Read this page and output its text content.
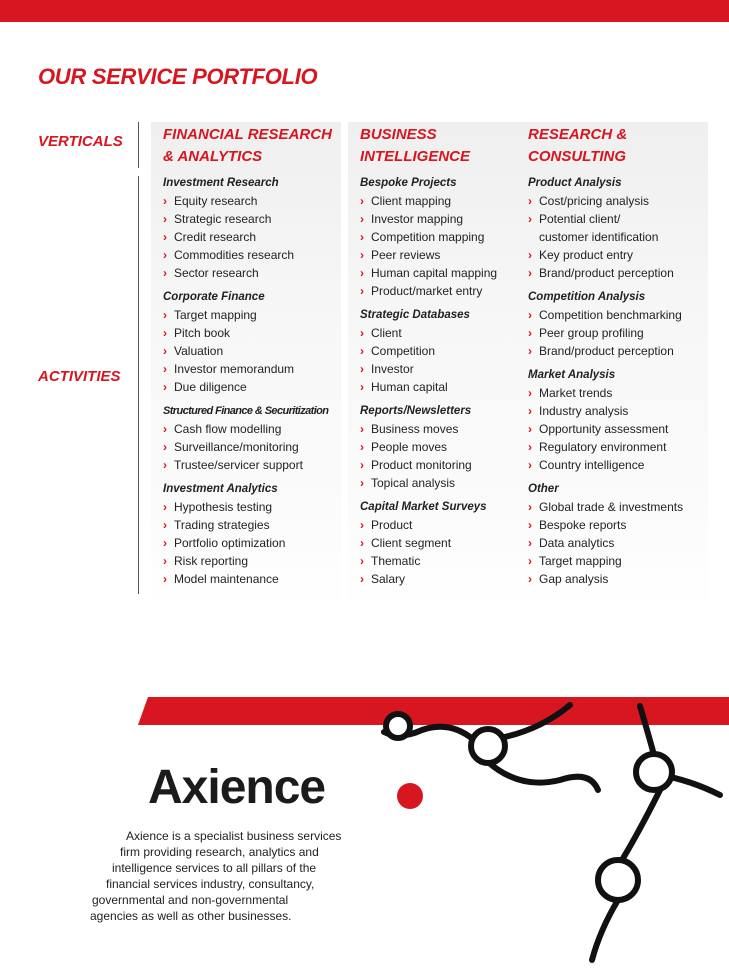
OUR SERVICE PORTFOLIO
VERTICALS
ACTIVITIES
FINANCIAL RESEARCH
& ANALYTICS
Investment Research
› Equity research
› Strategic research
› Credit research
› Commodities research
› Sector research
Corporate Finance
› Target mapping
› Pitch book
› Valuation
› Investor memorandum
› Due diligence
Structured Finance & Securitization
› Cash flow modelling
› Surveillance/monitoring
› Trustee/servicer support
Investment Analytics
› Hypothesis testing
› Trading strategies
› Portfolio optimization
› Risk reporting
› Model maintenance
BUSINESS
INTELLIGENCE
Bespoke Projects
› Client mapping
› Investor mapping
› Competition mapping
› Peer reviews
› Human capital mapping
› Product/market entry
Strategic Databases
› Client
› Competition
› Investor
› Human capital
Reports/Newsletters
› Business moves
› People moves
› Product monitoring
› Topical analysis
Capital Market Surveys
› Product
› Client segment
› Thematic
› Salary
RESEARCH &
CONSULTING
Product Analysis
› Cost/pricing analysis
› Potential client/
customer identification
› Key product entry
› Brand/product perception
Competition Analysis
› Competition benchmarking
› Peer group profiling
› Brand/product perception
Market Analysis
› Market trends
› Industry analysis
› Opportunity assessment
› Regulatory environment
› Country intelligence
Other
› Global trade & investments
› Bespoke reports
› Data analytics
› Target mapping
› Gap analysis
Axience
Axience is a specialist business services
firm providing research, analytics and
intelligence services to all pillars of the
financial services industry, consultancy,
governmental and non-governmental
agencies as well as other businesses.
